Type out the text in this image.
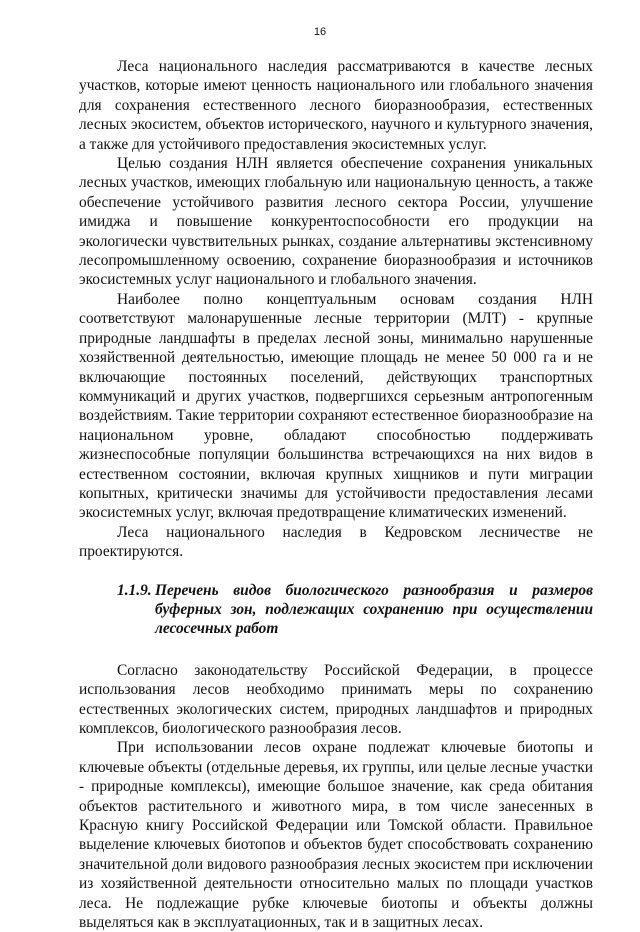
16

Леса национального наследия рассматриваются в качестве лесных участков, которые имеют ценность национального или глобального значения для сохранения естественного лесного биоразнообразия, естественных лесных экосистем, объектов исторического, научного и культурного значения, а также для устойчивого предоставления экосистемных услуг.

Целью создания НЛН является обеспечение сохранения уникальных лесных участков, имеющих глобальную или национальную ценность, а также обеспечение устойчивого развития лесного сектора России, улучшение имиджа и повышение конкурентоспособности его продукции на экологически чувствительных рынках, создание альтернативы экстенсивному лесопромышленному освоению, сохранение биоразнообразия и источников экосистемных услуг национального и глобального значения.

Наиболее полно концептуальным основам создания НЛН соответствуют малонарушенные лесные территории (МЛТ) - крупные природные ландшафты в пределах лесной зоны, минимально нарушенные хозяйственной деятельностью, имеющие площадь не менее 50 000 га и не включающие постоянных поселений, действующих транспортных коммуникаций и других участков, подвергшихся серьезным антропогенным воздействиям. Такие территории сохраняют естественное биоразнообразие на национальном уровне, обладают способностью поддерживать жизнеспособные популяции большинства встречающихся на них видов в естественном состоянии, включая крупных хищников и пути миграции копытных, критически значимы для устойчивости предоставления лесами экосистемных услуг, включая предотвращение климатических изменений.

Леса национального наследия в Кедровском лесничестве не проектируются.

1.1.9. Перечень видов биологического разнообразия и размеров буферных зон, подлежащих сохранению при осуществлении лесосечных работ

Согласно законодательству Российской Федерации, в процессе использования лесов необходимо принимать меры по сохранению естественных экологических систем, природных ландшафтов и природных комплексов, биологического разнообразия лесов.

При использовании лесов охране подлежат ключевые биотопы и ключевые объекты (отдельные деревья, их группы, или целые лесные участки - природные комплексы), имеющие большое значение, как среда обитания объектов растительного и животного мира, в том числе занесенных в Красную книгу Российской Федерации или Томской области. Правильное выделение ключевых биотопов и объектов будет способствовать сохранению значительной доли видового разнообразия лесных экосистем при исключении из хозяйственной деятельности относительно малых по площади участков леса. Не подлежащие рубке ключевые биотопы и объекты должны выделяться как в эксплуатационных, так и в защитных лесах.
